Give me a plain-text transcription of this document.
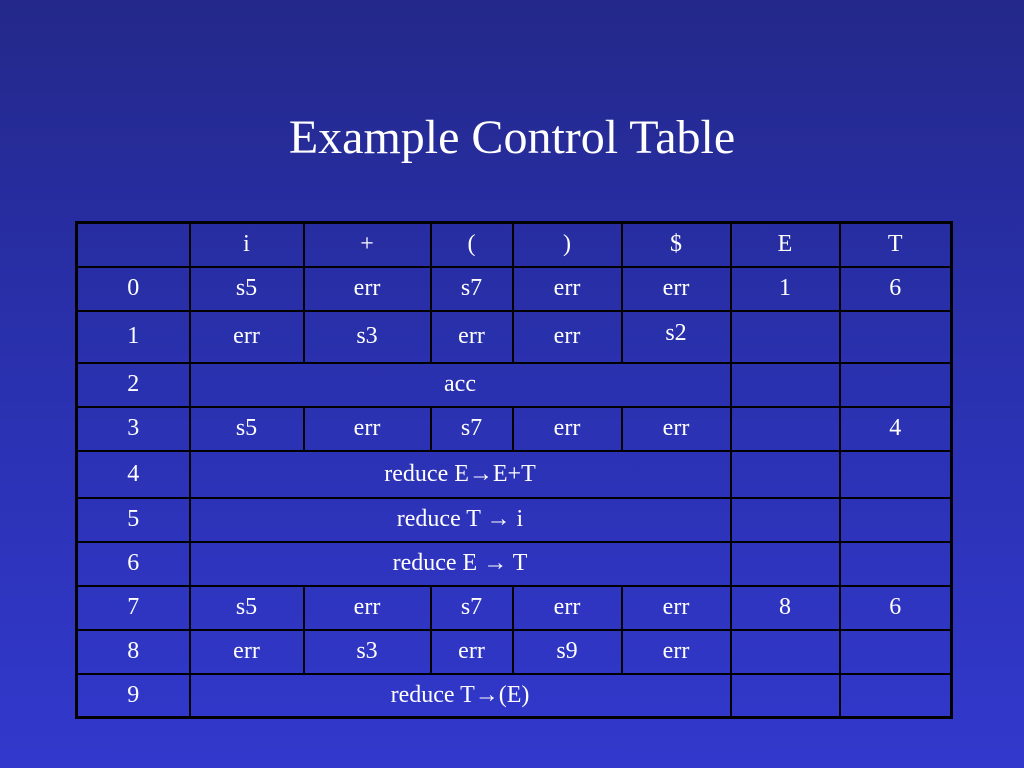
Example Control Table
	i	+	(	)	$	E	T
0	s5	err	s7	err	err	1	6
1	err	s3	err	err	s2		
2	acc						
3	s5	err	s7	err	err		4
4	reduce E→E+T						
5	reduce T → i						
6	reduce E → T						
7	s5	err	s7	err	err	8	6
8	err	s3	err	s9	err		
9	reduce T→(E)						
